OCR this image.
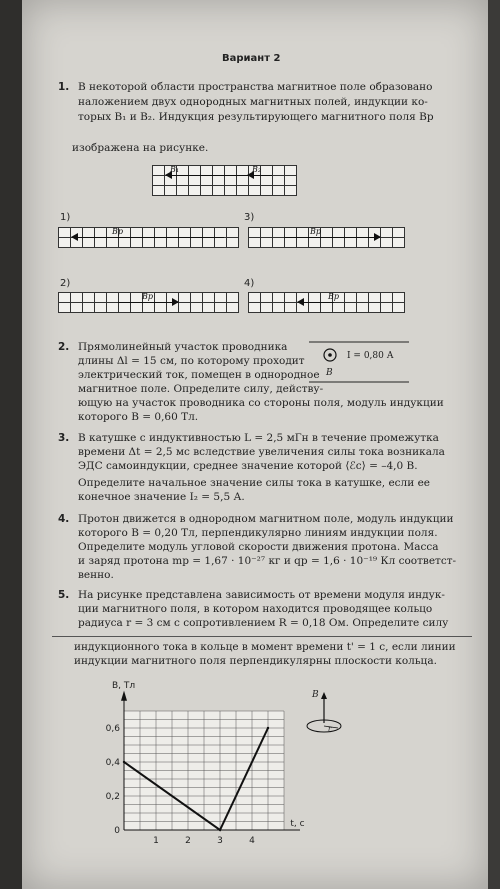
Вариант 2
1. В некоторой области пространства магнитное поле образовано
наложением двух однородных магнитных полей, индукции ко-
торых B₁ и B₂. Индукция результирующего магнитного поля Bр
изображена на рисунке.
B₁	B₂
1)
Bр
3)
Bр
2)
Bр
4)
Bр
2. Прямолинейный участок проводника
длины Δl = 15 см, по которому проходит
электрический ток, помещен в однородное
магнитное поле. Определите силу, действу-
ющую на участок проводника со стороны поля, модуль индукции
которого B = 0,60 Тл.
I = 0,80 А
B
3. В катушке с индуктивностью L = 2,5 мГн в течение промежутка
времени Δt = 2,5 мс вследствие увеличения силы тока возникала
ЭДС самоиндукции, среднее значение которой ⟨ℰc⟩ = –4,0 В.
Определите начальное значение силы тока в катушке, если ее
конечное значение I₂ = 5,5 А.
4. Протон движется в однородном магнитном поле, модуль индукции
которого B = 0,20 Тл, перпендикулярно линиям индукции поля.
Определите модуль угловой скорости движения протона. Масса
и заряд протона mр = 1,67 · 10⁻²⁷ кг и qр = 1,6 · 10⁻¹⁹ Кл соответст-
венно.
5. На рисунке представлена зависимость от времени модуля индук-
ции магнитного поля, в котором находится проводящее кольцо
радиуса r = 3 см с сопротивлением R = 0,18 Ом. Определите силу
индукционного тока в кольце в момент времени t' = 1 с, если линии
индукции магнитного поля перпендикулярны плоскости кольца.
1	2	3	4
0
0,2
0,4
0,6
B, Тл
t, с
B
r
